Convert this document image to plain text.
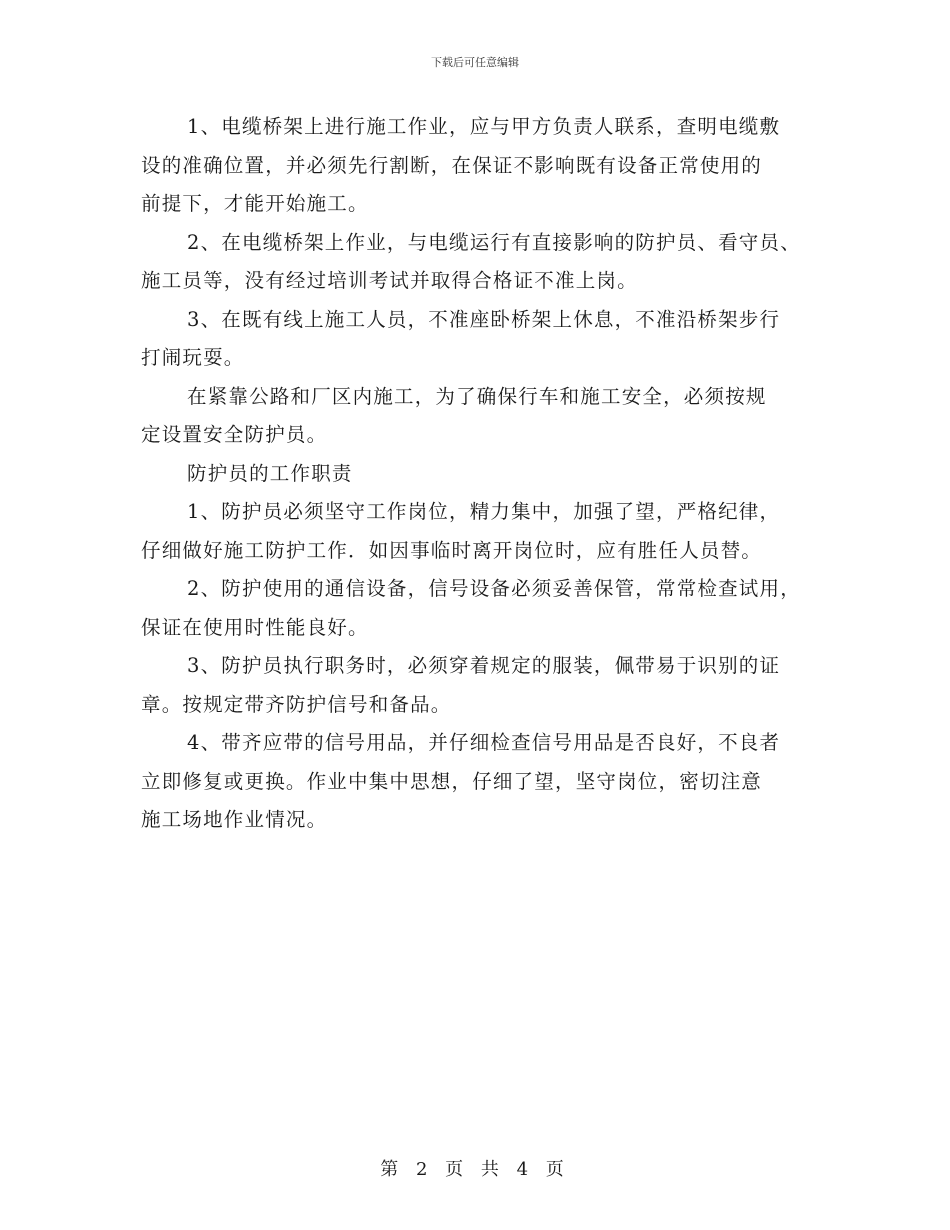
下载后可任意编辑
1、电缆桥架上进行施工作业，应与甲方负责人联系，查明电缆敷
设的准确位置，并必须先行割断，在保证不影响既有设备正常使用的
前提下，才能开始施工。
2、在电缆桥架上作业，与电缆运行有直接影响的防护员、看守员、
施工员等，没有经过培训考试并取得合格证不准上岗。
3、在既有线上施工人员，不准座卧桥架上休息，不准沿桥架步行
打闹玩耍。
在紧靠公路和厂区内施工，为了确保行车和施工安全，必须按规
定设置安全防护员。
防护员的工作职责
1、防护员必须坚守工作岗位，精力集中，加强了望，严格纪律，
仔细做好施工防护工作．如因事临时离开岗位时，应有胜任人员替。
2、防护使用的通信设备，信号设备必须妥善保管，常常检查试用，
保证在使用时性能良好。
3、防护员执行职务时，必须穿着规定的服装，佩带易于识别的证
章。按规定带齐防护信号和备品。
4、带齐应带的信号用品，并仔细检查信号用品是否良好，不良者
立即修复或更换。作业中集中思想，仔细了望，坚守岗位，密切注意
施工场地作业情况。
第 2 页 共 4 页
